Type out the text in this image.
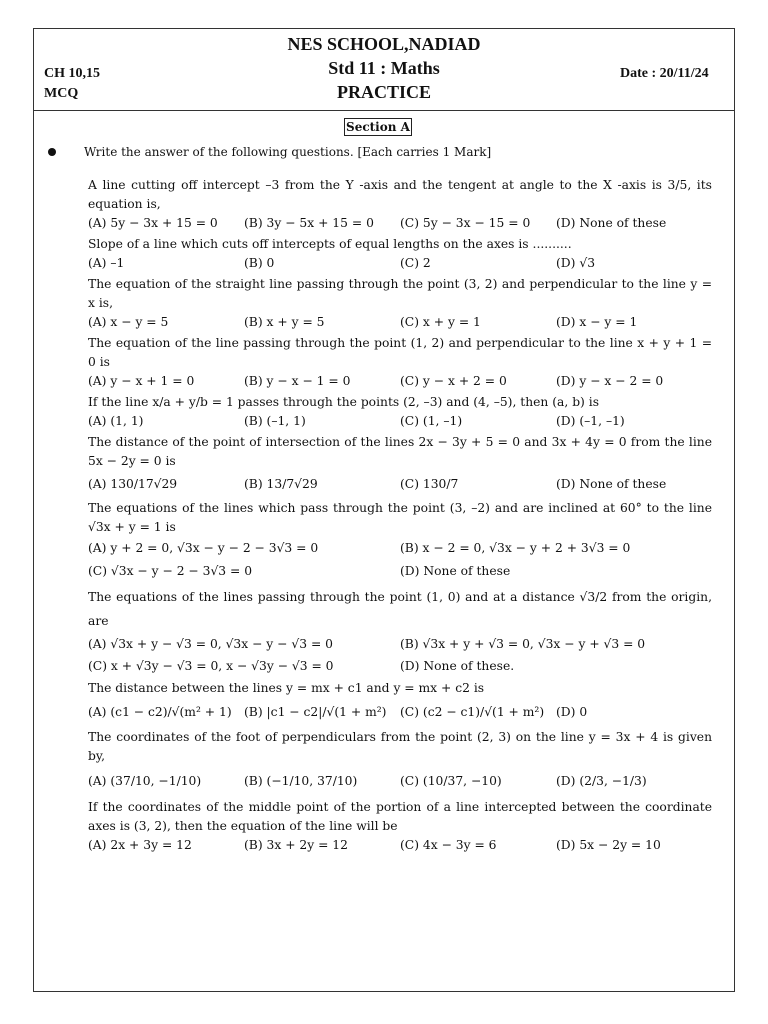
NES SCHOOL,NADIAD
Std 11 : Maths
PRACTICE
CH 10,15
MCQ
Date : 20/11/24
Section A
Write the answer of the following questions. [Each carries 1 Mark]
A line cutting off intercept –3 from the Y -axis and the tengent at angle to the X -axis is 3/5, its equation is,
(A) 5y − 3x + 15 = 0	(B) 3y − 5x + 15 = 0	(C) 5y − 3x − 15 = 0	(D) None of these
Slope of a line which cuts off intercepts of equal lengths on the axes is ..........
(A) –1	(B) 0	(C) 2	(D) √3
The equation of the straight line passing through the point (3, 2) and perpendicular to the line y = x is,
(A) x − y = 5	(B) x + y = 5	(C) x + y = 1	(D) x − y = 1
The equation of the line passing through the point (1, 2) and perpendicular to the line x + y + 1 = 0 is
(A) y − x + 1 = 0	(B) y − x − 1 = 0	(C) y − x + 2 = 0	(D) y − x − 2 = 0
If the line x/a + y/b = 1 passes through the points (2, –3) and (4, –5), then (a, b) is
(A) (1, 1)	(B) (–1, 1)	(C) (1, –1)	(D) (–1, –1)
The distance of the point of intersection of the lines 2x − 3y + 5 = 0 and 3x + 4y = 0 from the line 5x − 2y = 0 is
(A) 130/17√29	(B) 13/7√29	(C) 130/7	(D) None of these
The equations of the lines which pass through the point (3, –2) and are inclined at 60° to the line √3x + y = 1 is
(A) y + 2 = 0, √3x − y − 2 − 3√3 = 0	(B) x − 2 = 0, √3x − y + 2 + 3√3 = 0
(C) √3x − y − 2 − 3√3 = 0	(D) None of these
The equations of the lines passing through the point (1, 0) and at a distance √3/2 from the origin, are
(A) √3x + y − √3 = 0, √3x − y − √3 = 0	(B) √3x + y + √3 = 0, √3x − y + √3 = 0
(C) x + √3y − √3 = 0, x − √3y − √3 = 0	(D) None of these.
The distance between the lines y = mx + c1 and y = mx + c2 is
(A) (c1 − c2)/√(m² + 1)	(B) |c1 − c2|/√(1 + m²)	(C) (c2 − c1)/√(1 + m²) (D) 0
The coordinates of the foot of perpendiculars from the point (2, 3) on the line y = 3x + 4 is given by,
(A) (37/10, −1/10)	(B) (−1/10, 37/10)	(C) (10/37, −10)	(D) (2/3, −1/3)
If the coordinates of the middle point of the portion of a line intercepted between the coordinate axes is (3, 2), then the equation of the line will be
(A) 2x + 3y = 12	(B) 3x + 2y = 12	(C) 4x − 3y = 6	(D) 5x − 2y = 10
